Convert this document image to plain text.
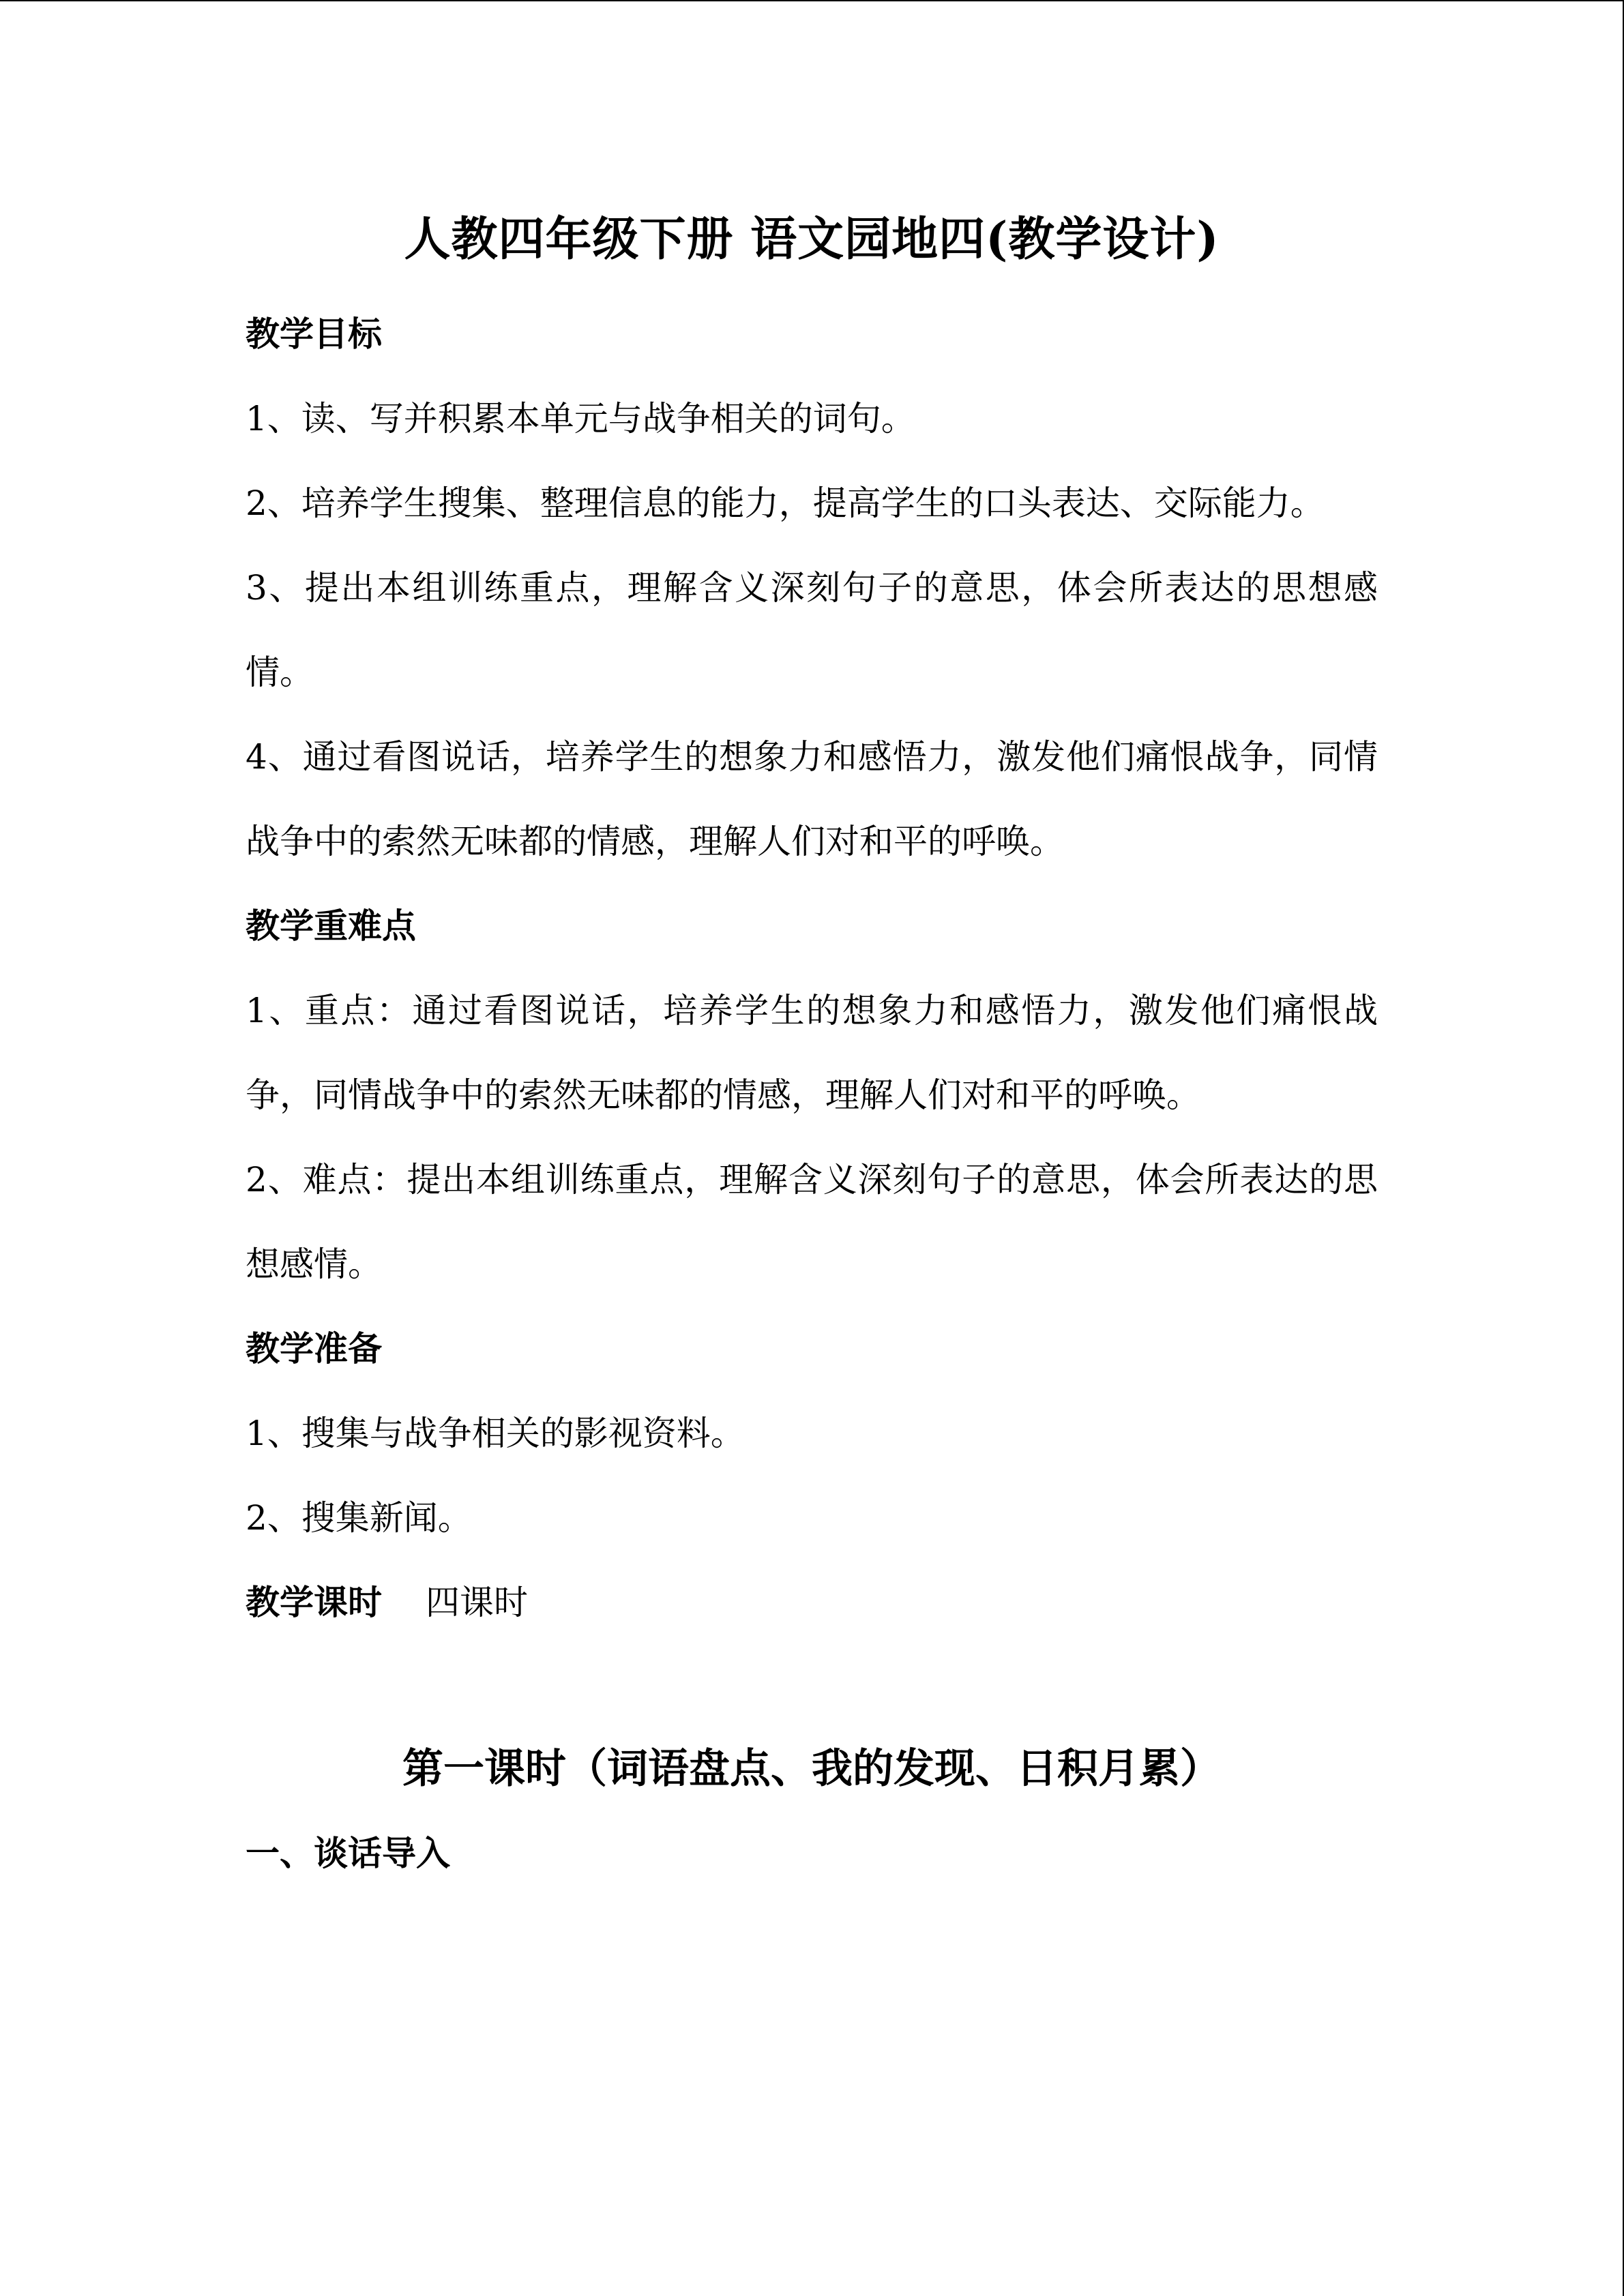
人教四年级下册 语文园地四(教学设计)
教学目标

1、读、写并积累本单元与战争相关的词句。

2、培养学生搜集、整理信息的能力，提高学生的口头表达、交际能力。

3、提出本组训练重点，理解含义深刻句子的意思，体会所表达的思想感情。

4、通过看图说话，培养学生的想象力和感悟力，激发他们痛恨战争，同情战争中的索然无味都的情感，理解人们对和平的呼唤。

教学重难点

1、重点：通过看图说话，培养学生的想象力和感悟力，激发他们痛恨战争，同情战争中的索然无味都的情感，理解人们对和平的呼唤。

2、难点：提出本组训练重点，理解含义深刻句子的意思，体会所表达的思想感情。

教学准备

1、搜集与战争相关的影视资料。

2、搜集新闻。

教学课时 四课时

第一课时（词语盘点、我的发现、日积月累）
一、谈话导入
